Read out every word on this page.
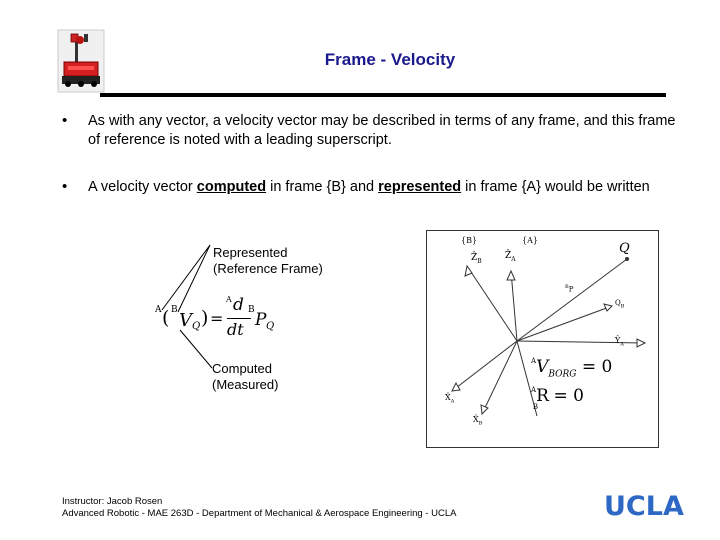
Frame - Velocity
• As with any vector, a velocity vector may be described in terms of any frame, and this frame of reference is noted with a leading superscript.
• A velocity vector computed in frame {B} and represented in frame {A} would be written
Represented
(Reference Frame)
Computed
(Measured)
A ( B V Q ) =
A d
dt
B P Q
{B}	{A}
Q
Ẑ$_B$
Ẑ$_A$
$^B$P
$Q_B$
$Ŷ_A$
$^AV_{BORG} = 0$
$^AR_B = 0$
$X̂_A$
$X̂_B$
Instructor: Jacob Rosen
Advanced Robotic - MAE 263D - Department of Mechanical & Aerospace Engineering - UCLA	UCLA
